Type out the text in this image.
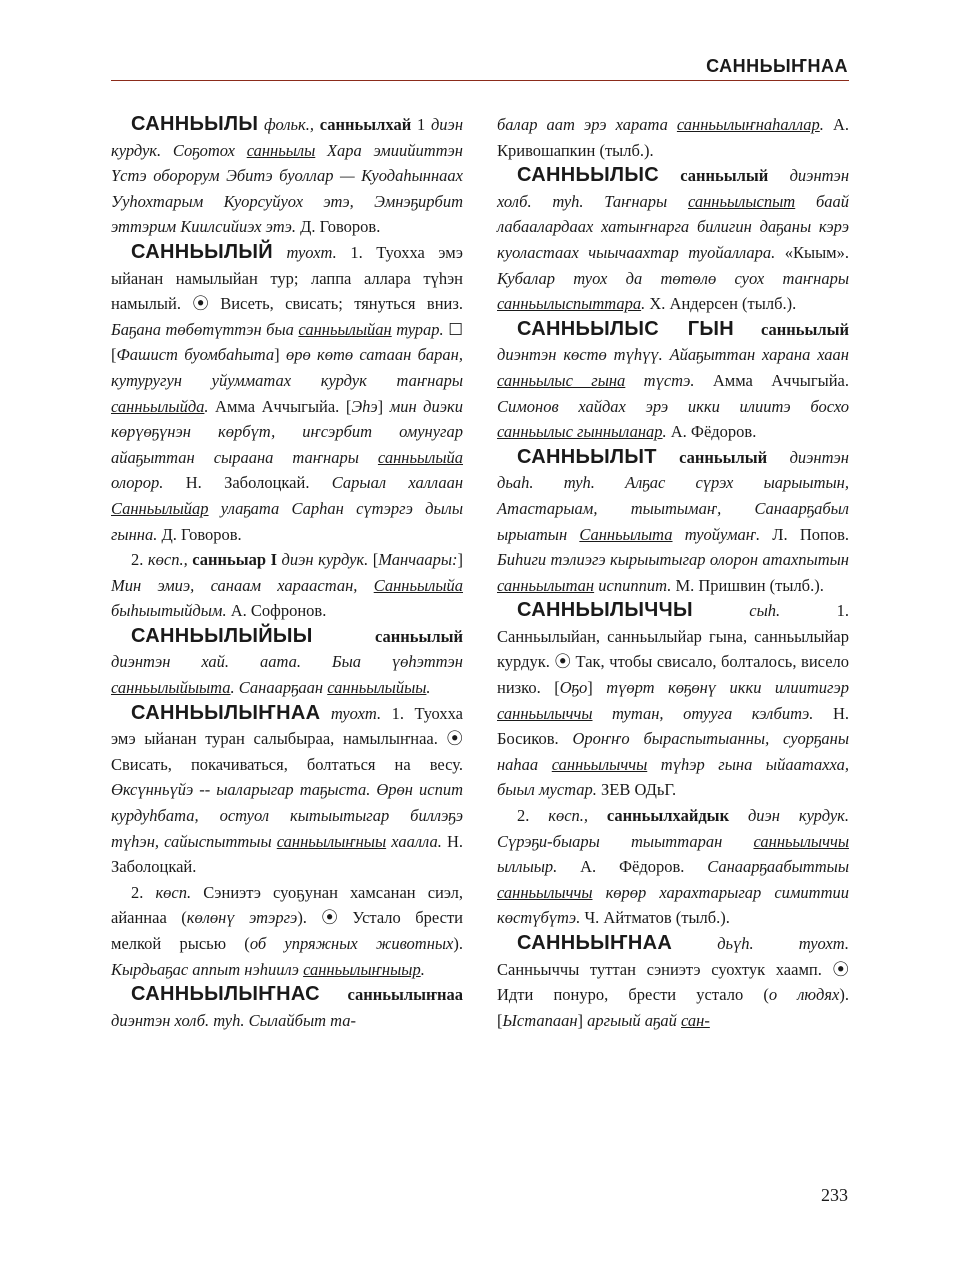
САННЬЫҤНАА

САННЬЫЛЫ фольк., санньылхай 1 диэн курдук. Соҕотох санньылы Хара эмиийиттэн Үстэ оборорум Эбитэ буоллар — Куодаһыннаах Ууhохтарым Куорсуйуох этэ, Эмнэҕирбит эттэрим Киилсийиэх этэ. Д. Говоров.

САННЬЫЛЫЙ туохт. 1. Туохха эмэ ыйанан намылыйан тур; лаппа аллара түһэн намылый. ⦿ Висеть, свисать; тянуться вниз. Баҕана төбөтүттэн быа санньылыйан турар. ☐ [Фашист буомбаһыта] өрө көтө сатаан баран, кутуругун уйумматах курдук таҥнары санньылыйда. Амма Аччыгыйа. [Эһэ] мин диэки көрүөҕүнэн көрбүт, иҥсэрбит омунугар айаҕыттан сыраана таҥнары санньылыйа олорор. Н. Заболоцкай. Сарыал халлаан Санньылыйар улаҕата Сарһан сүтэргэ дылы гынна. Д. Говоров.

2. көсп., санньыар I диэн курдук. [Манчаары:] Мин эмиэ, санаам хараастан, Санньылыйа быһыытыйдым. А. Софронов.

САННЬЫЛЫЙЫЫ	санньылый диэнтэн хай. аата. Быа үөһэттэн санньылыйыыта. Санаарҕаан санньылыйыы.

САННЬЫЛЫҤНАА туохт. 1. Туохха эмэ ыйанан туран салыбыраа, намылыҥнаа. ⦿ Свисать, покачиваться, болтаться на весу. Өксүнньүйэ -- ыаларыгар таҕыста. Өрөн испит курдуһбата, остуол кытыытыгар биллэҕэ түһэн, сайыспыттыы санньылыҥныы хаалла. Н. Заболоцкай.

2. көсп. Сэниэтэ суоҕунан хамсанан сиэл, айаннаа (көлөнү этэргэ). ⦿ Устало брести мелкой рысью (об упряжных животных). Кырдьаҕас аппыт нэһиилэ санньылыҥныыр.

САННЬЫЛЫҤНАС санньылыҥнаа диэнтэн холб. туһ. Сылайбыт та-

балар аат эрэ харата санньылыҥнаһаллар. А. Кривошапкин (тылб.).

САННЬЫЛЫС санньылый диэнтэн холб. туһ. Таҥнары санньылыспыт баай лабаалардаах хатыҥнарга билигин даҕаны кэрэ куоластаах чыычаахтар туойаллара. «Кыым». Кубалар туох да төтөлө суох таҥнары санньылыспыттара. Х. Андерсен (тылб.).

САННЬЫЛЫС ГЫН санньылый диэнтэн көстө түһүү. Айаҕыттан харана хаан санньылыс гына түстэ. Амма Аччыгыйа. Симонов хайдах эрэ икки илиитэ босхо санньылыс гынныланар. А. Фёдоров.

САННЬЫЛЫТ санньылый диэнтэн дьаһ. туһ. Алҕас сүрэх ыарыытын, Атастарыам, тыытымаҥ, Санаарҕабыл ырыатын Санньылыта туойумаҥ. Л. Попов. Биһиги тэлиэгэ кырыытыгар олорон атахпытын санньылытан испиппит. М. Пришвин (тылб.).

САННЬЫЛЫЧЧЫ	сыһ. 1. Санньылыйан, санньылыйар гына, санньылыйар курдук. ⦿ Так, чтобы свисало, болталось, висело низко. [Оҕо] түөрт көҕөнү икки илиитигэр санньылыччы тутан, отуугa кэлбитэ. Н. Босиков. Ороҥҥо быраспытыанны, суорҕаны наһаа санньылыччы түһэр гына ыйаатахха, быыл мустар. ЗЕВ ОДьГ.

2. көсп., санньылхайдык диэн курдук. Сүрэҕи-быары тыыттаран санньылыччы ыллыыр. А. Фёдоров. Санаарҕаабыттыы санньылыччы көрөр харахтарыгар симиттии көстүбүтэ. Ч. Айтматов (тылб.).

САННЬЫҤНАА	дьүһ. туохт. Санньыччы туттан сэниэтэ суохтук хаамп. ⦿ Идти понуро, брести устало (о людях). [Ыстапаан] аргыый аҕай сан-

233
